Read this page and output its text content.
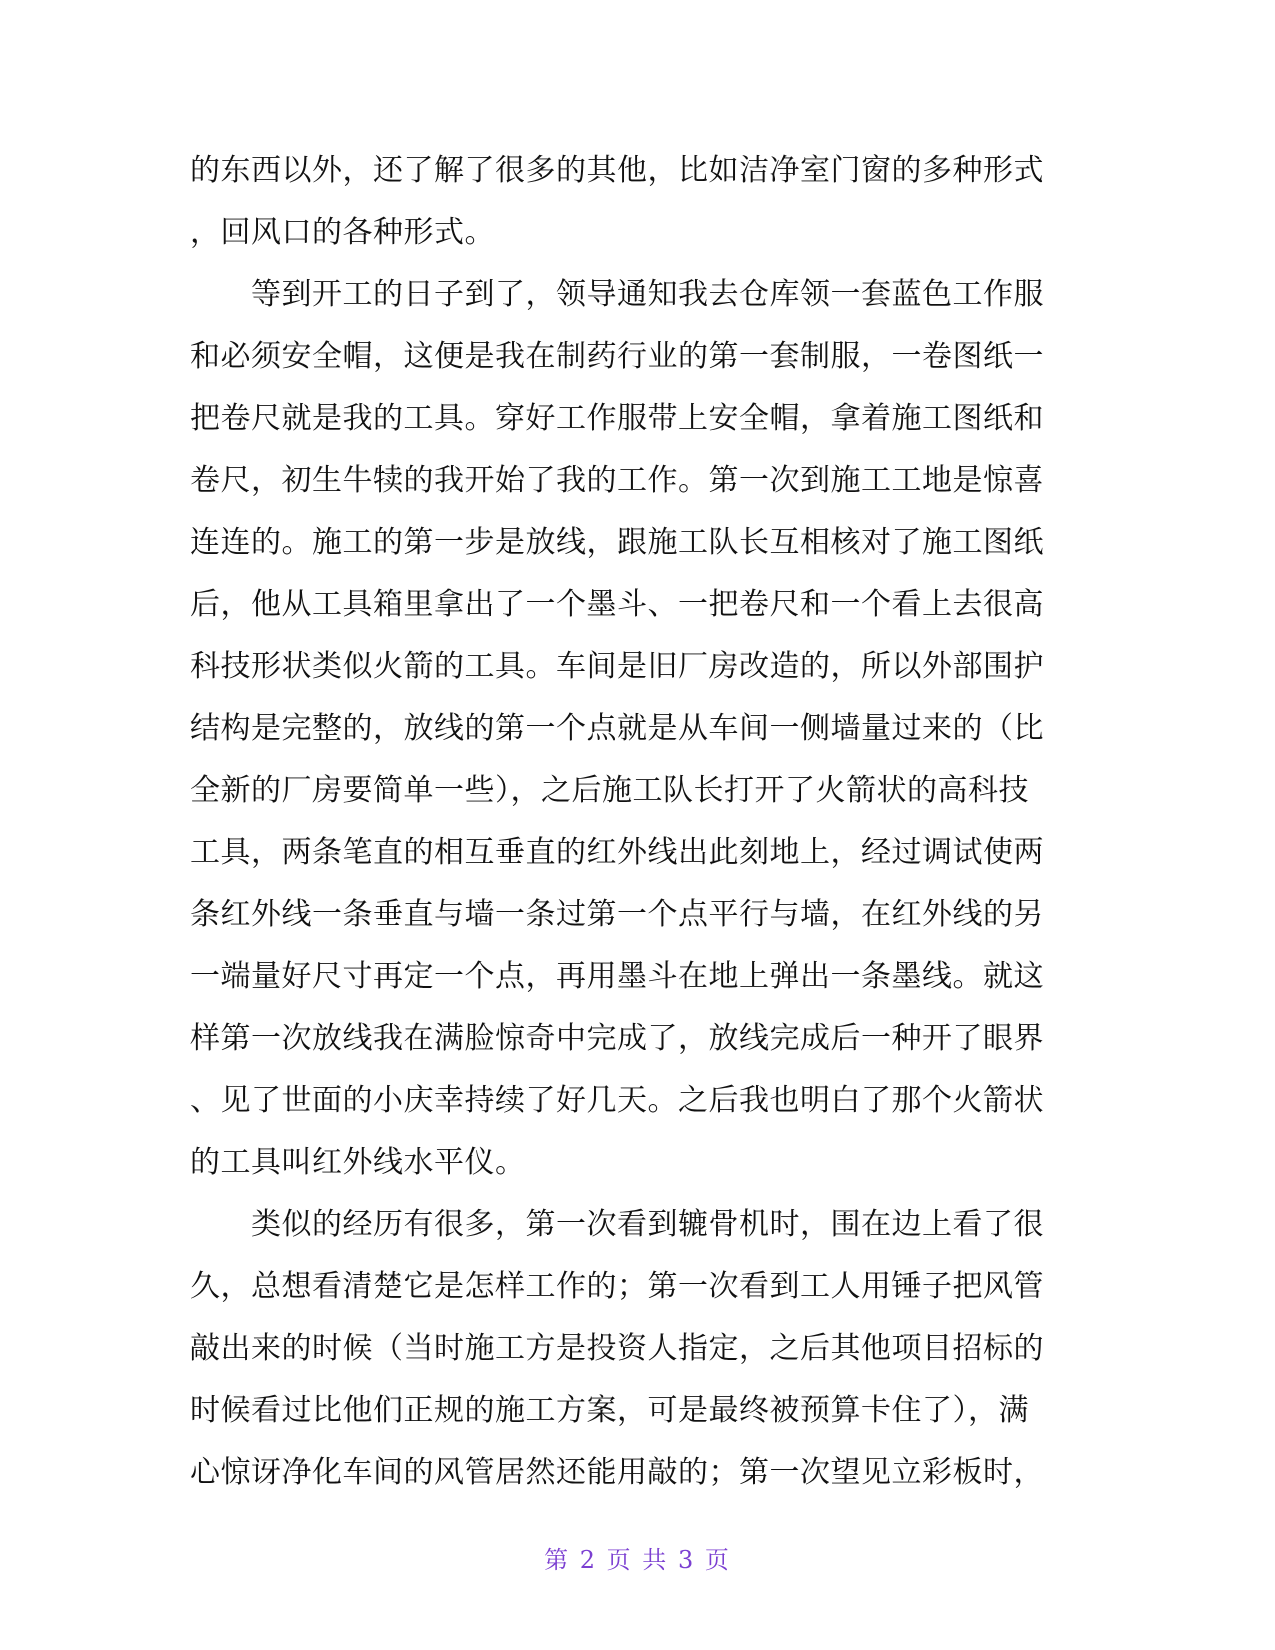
的东西以外，还了解了很多的其他，比如洁净室门窗的多种形式
，回风口的各种形式。
　　等到开工的日子到了，领导通知我去仓库领一套蓝色工作服
和必须安全帽，这便是我在制药行业的第一套制服，一卷图纸一
把卷尺就是我的工具。穿好工作服带上安全帽，拿着施工图纸和
卷尺，初生牛犊的我开始了我的工作。第一次到施工工地是惊喜
连连的。施工的第一步是放线，跟施工队长互相核对了施工图纸
后，他从工具箱里拿出了一个墨斗、一把卷尺和一个看上去很高
科技形状类似火箭的工具。车间是旧厂房改造的，所以外部围护
结构是完整的，放线的第一个点就是从车间一侧墙量过来的（比
全新的厂房要简单一些），之后施工队长打开了火箭状的高科技
工具，两条笔直的相互垂直的红外线出此刻地上，经过调试使两
条红外线一条垂直与墙一条过第一个点平行与墙，在红外线的另
一端量好尺寸再定一个点，再用墨斗在地上弹出一条墨线。就这
样第一次放线我在满脸惊奇中完成了，放线完成后一种开了眼界
、见了世面的小庆幸持续了好几天。之后我也明白了那个火箭状
的工具叫红外线水平仪。
　　类似的经历有很多，第一次看到辘骨机时，围在边上看了很
久，总想看清楚它是怎样工作的；第一次看到工人用锤子把风管
敲出来的时候（当时施工方是投资人指定，之后其他项目招标的
时候看过比他们正规的施工方案，可是最终被预算卡住了），满
心惊讶净化车间的风管居然还能用敲的；第一次望见立彩板时，
第 2 页 共 3 页
